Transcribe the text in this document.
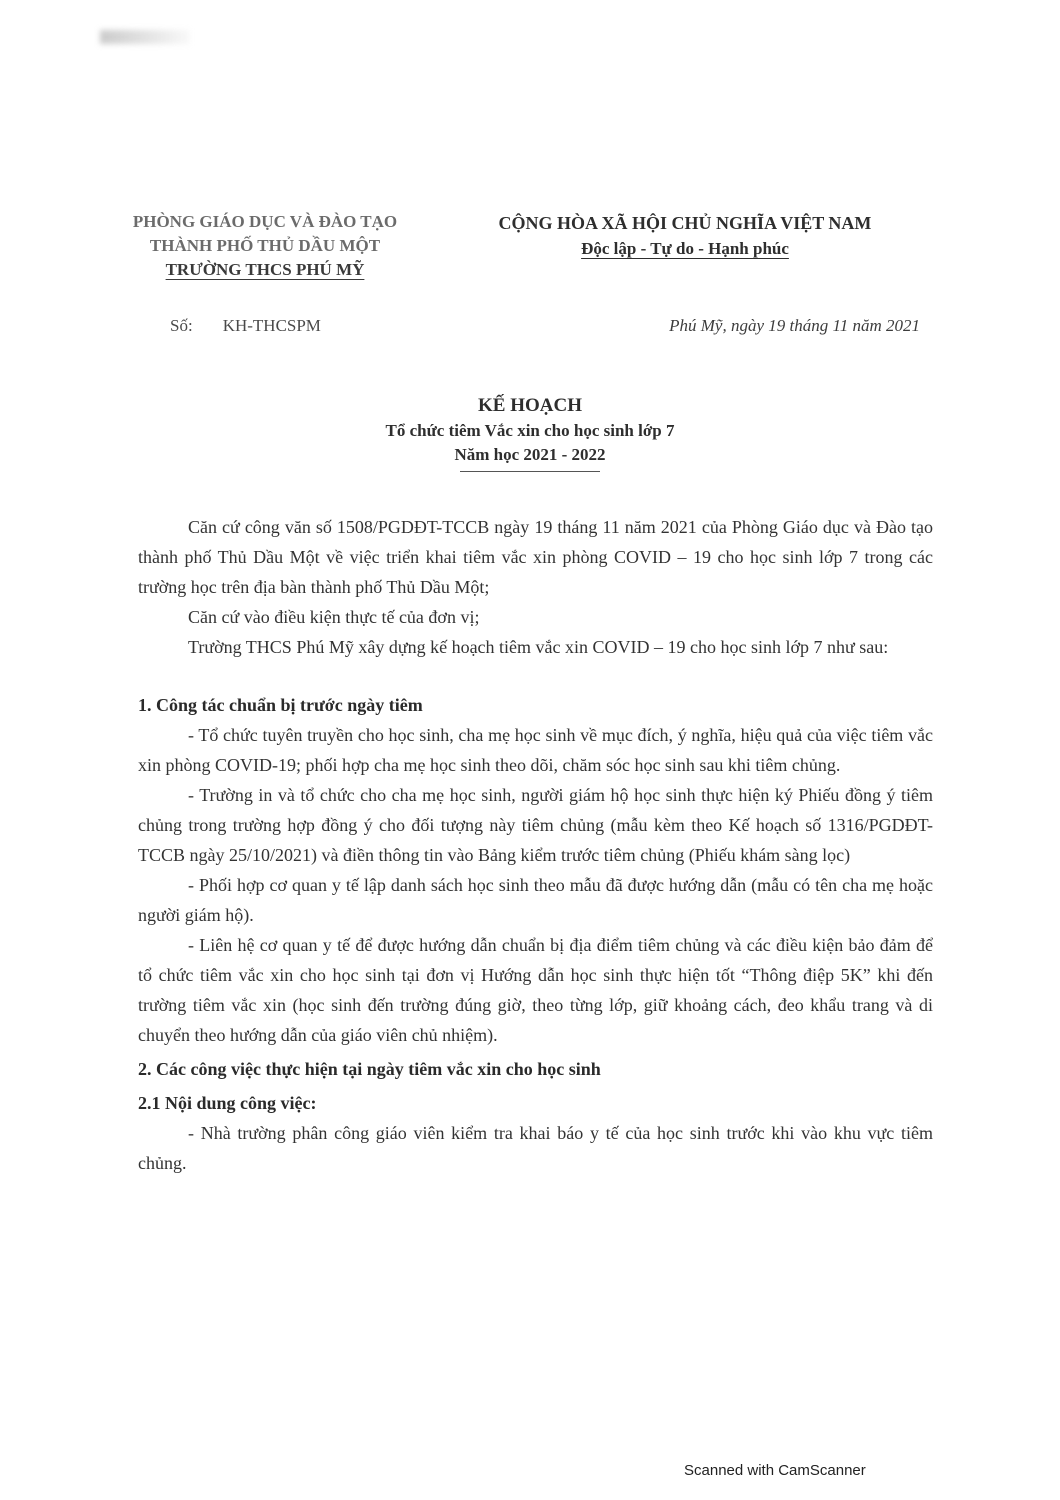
PHÒNG GIÁO DỤC VÀ ĐÀO TẠO
THÀNH PHỐ THỦ DẦU MỘT
TRƯỜNG THCS PHÚ MỸ
CỘNG HÒA XÃ HỘI CHỦ NGHĨA VIỆT NAM
Độc lập - Tự do - Hạnh phúc
Số: KH-THCSPM	Phú Mỹ, ngày 19 tháng 11 năm 2021
KẾ HOẠCH
Tổ chức tiêm Vắc xin cho học sinh lớp 7
Năm học 2021 - 2022

Căn cứ công văn số 1508/PGDĐT-TCCB ngày 19 tháng 11 năm 2021 của Phòng Giáo dục và Đào tạo thành phố Thủ Dầu Một về việc triển khai tiêm vắc xin phòng COVID – 19 cho học sinh lớp 7 trong các trường học trên địa bàn thành phố Thủ Dầu Một;

Căn cứ vào điều kiện thực tế của đơn vị;

Trường THCS Phú Mỹ xây dựng kế hoạch tiêm vắc xin COVID – 19 cho học sinh lớp 7 như sau:

1. Công tác chuẩn bị trước ngày tiêm

- Tổ chức tuyên truyền cho học sinh, cha mẹ học sinh về mục đích, ý nghĩa, hiệu quả của việc tiêm vắc xin phòng COVID-19; phối hợp cha mẹ học sinh theo dõi, chăm sóc học sinh sau khi tiêm chủng.

- Trường in và tổ chức cho cha mẹ học sinh, người giám hộ học sinh thực hiện ký Phiếu đồng ý tiêm chủng trong trường hợp đồng ý cho đối tượng này tiêm chủng (mẫu kèm theo Kế hoạch số 1316/PGDĐT-TCCB ngày 25/10/2021) và điền thông tin vào Bảng kiểm trước tiêm chủng (Phiếu khám sàng lọc)

- Phối hợp cơ quan y tế lập danh sách học sinh theo mẫu đã được hướng dẫn (mẫu có tên cha mẹ hoặc người giám hộ).

- Liên hệ cơ quan y tế để được hướng dẫn chuẩn bị địa điểm tiêm chủng và các điều kiện bảo đảm để tổ chức tiêm vắc xin cho học sinh tại đơn vị Hướng dẫn học sinh thực hiện tốt “Thông điệp 5K” khi đến trường tiêm vắc xin (học sinh đến trường đúng giờ, theo từng lớp, giữ khoảng cách, đeo khẩu trang và di chuyển theo hướng dẫn của giáo viên chủ nhiệm).

2. Các công việc thực hiện tại ngày tiêm vắc xin cho học sinh

2.1 Nội dung công việc:

- Nhà trường phân công giáo viên kiểm tra khai báo y tế của học sinh trước khi vào khu vực tiêm chủng.

Scanned with CamScanner
